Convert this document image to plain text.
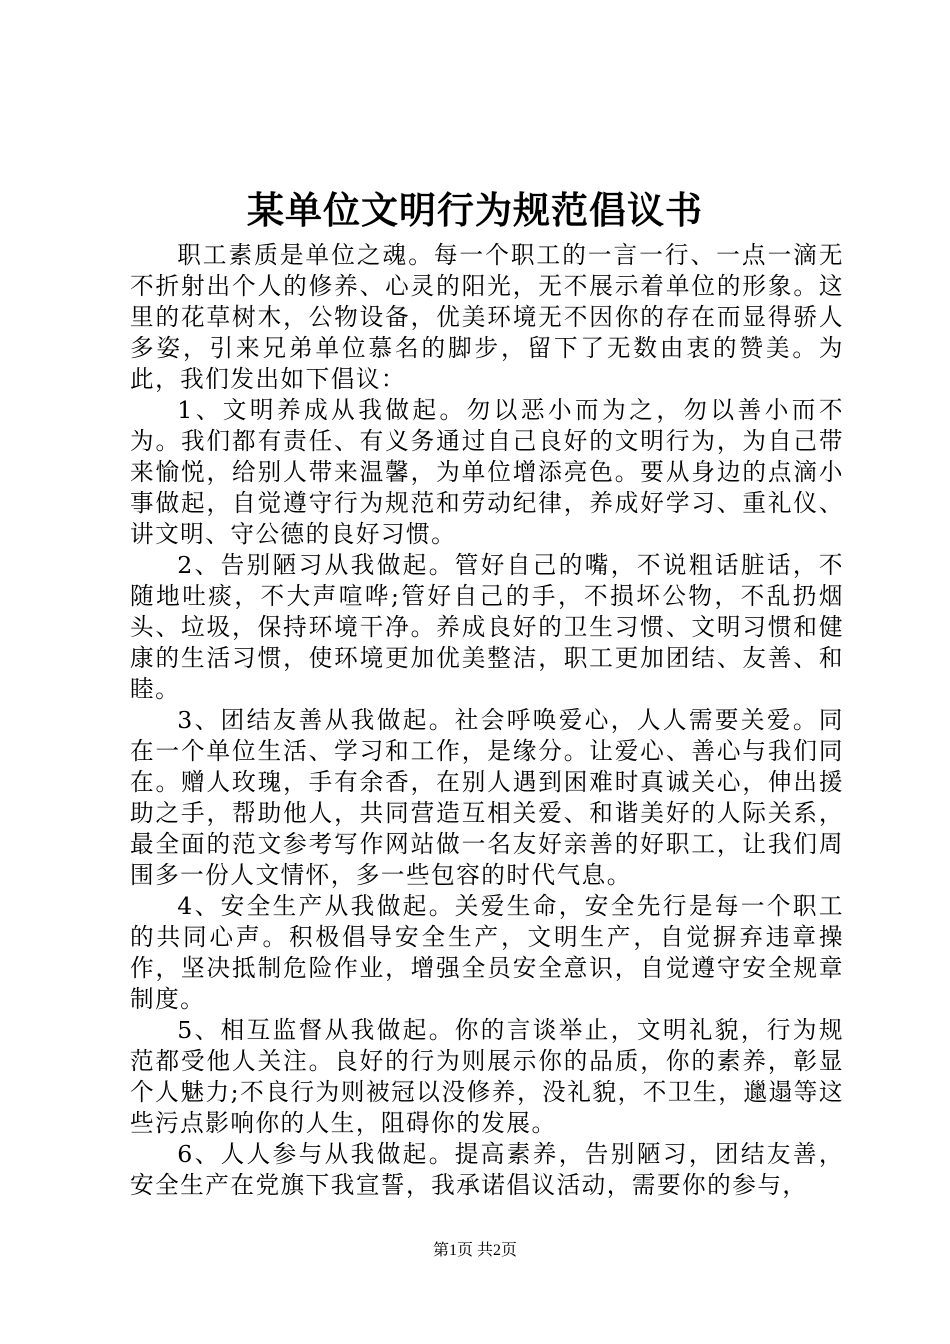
某单位文明行为规范倡议书

职工素质是单位之魂。每一个职工的一言一行、一点一滴无不折射出个人的修养、心灵的阳光，无不展示着单位的形象。这里的花草树木，公物设备，优美环境无不因你的存在而显得骄人多姿，引来兄弟单位慕名的脚步，留下了无数由衷的赞美。为此，我们发出如下倡议：

1、文明养成从我做起。勿以恶小而为之，勿以善小而不为。我们都有责任、有义务通过自己良好的文明行为，为自己带来愉悦，给别人带来温馨，为单位增添亮色。要从身边的点滴小事做起，自觉遵守行为规范和劳动纪律，养成好学习、重礼仪、讲文明、守公德的良好习惯。

2、告别陋习从我做起。管好自己的嘴，不说粗话脏话，不随地吐痰，不大声喧哗;管好自己的手，不损坏公物，不乱扔烟头、垃圾，保持环境干净。养成良好的卫生习惯、文明习惯和健康的生活习惯，使环境更加优美整洁，职工更加团结、友善、和睦。

3、团结友善从我做起。社会呼唤爱心，人人需要关爱。同在一个单位生活、学习和工作，是缘分。让爱心、善心与我们同在。赠人玫瑰，手有余香，在别人遇到困难时真诚关心，伸出援助之手，帮助他人，共同营造互相关爱、和谐美好的人际关系，最全面的范文参考写作网站做一名友好亲善的好职工，让我们周围多一份人文情怀，多一些包容的时代气息。

4、安全生产从我做起。关爱生命，安全先行是每一个职工的共同心声。积极倡导安全生产，文明生产，自觉摒弃违章操作，坚决抵制危险作业，增强全员安全意识，自觉遵守安全规章制度。

5、相互监督从我做起。你的言谈举止，文明礼貌，行为规范都受他人关注。良好的行为则展示你的品质，你的素养，彰显个人魅力;不良行为则被冠以没修养，没礼貌，不卫生，邋遢等这些污点影响你的人生，阻碍你的发展。

6、人人参与从我做起。提高素养，告别陋习，团结友善，安全生产在党旗下我宣誓，我承诺倡议活动，需要你的参与，

第1页 共2页
